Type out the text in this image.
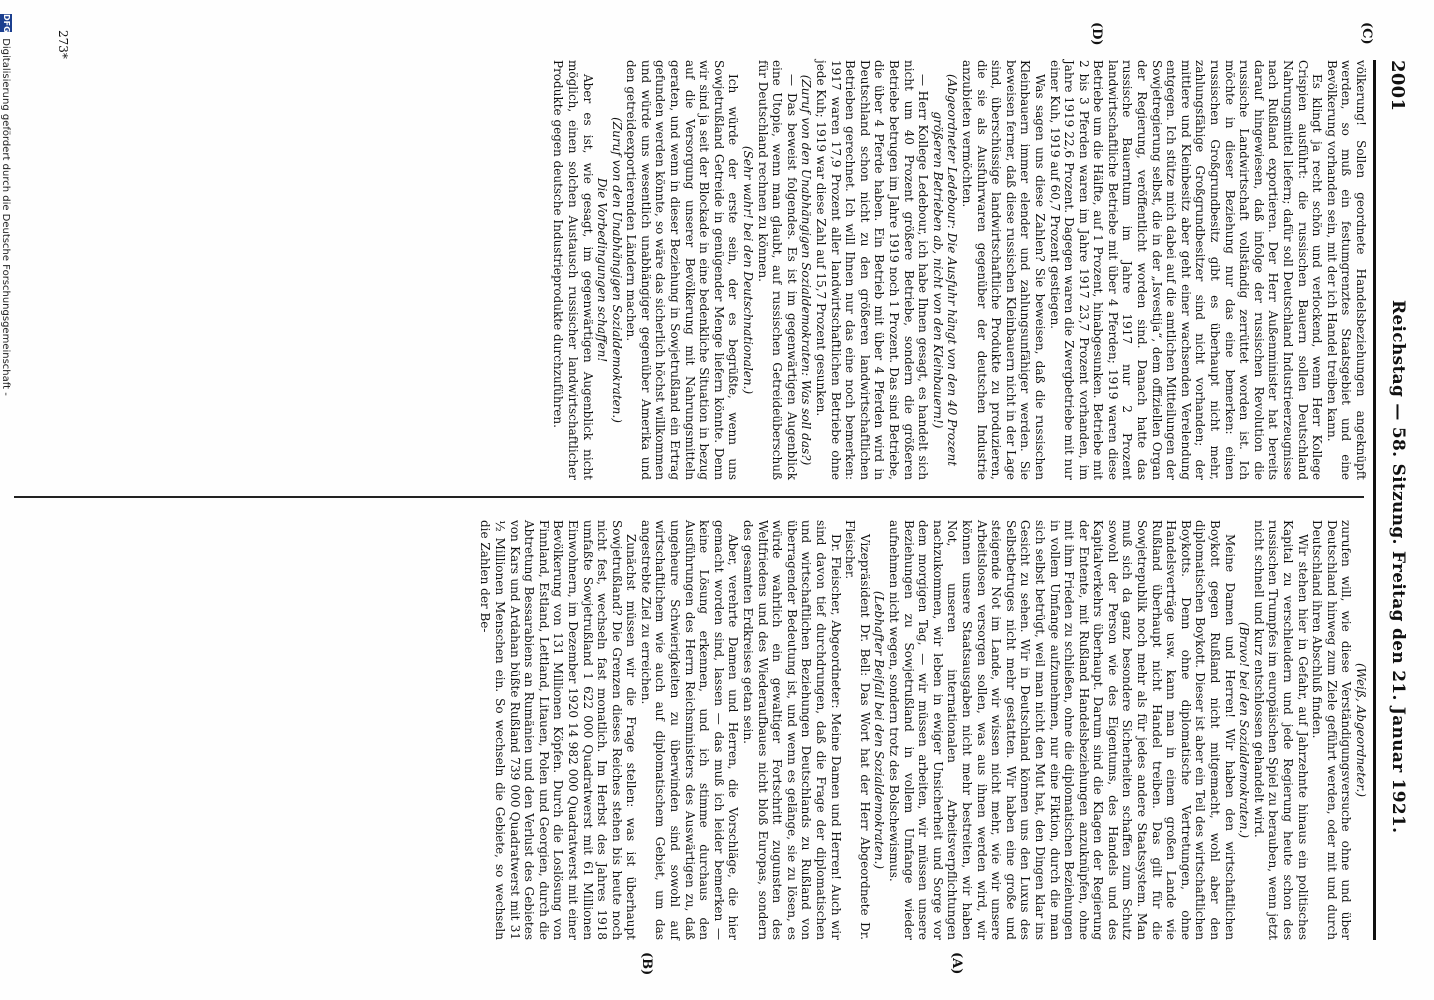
2001
Reichstag — 58. Sitzung. Freitag den 21. Januar 1921.
(C)
(D)
(A)
(B)

völkerung! Sollen geordnete Handelsbeziehungen angeknüpft werden, so muß ein festumgrenztes Staatsgebiet und eine Bevölkerung vorhanden sein, mit der ich Handel treiben kann.

Es klingt ja recht schön und verlockend, wenn Herr Kollege Crispien ausführt: die russischen Bauern sollen Deutschland Nahrungsmittel liefern; dafür soll Deutschland Industrieerzeugnisse nach Rußland exportieren. Der Herr Außenminister hat bereits darauf hingewiesen, daß infolge der russischen Revolution die russische Landwirtschaft vollständig zerrüttet worden ist. Ich möchte in dieser Beziehung nur das eine bemerken: einen russischen Großgrundbesitz gibt es überhaupt nicht mehr, zahlungsfähige Großgrundbesitzer sind nicht vorhanden; der mittlere und Kleinbesitz aber geht einer wachsenden Verelendung entgegen. Ich stütze mich dabei auf die amtlichen Mitteilungen der Sowjetregierung selbst, die in der „Isvestija“, dem offiziellen Organ der Regierung, veröffentlicht worden sind. Danach hatte das russische Bauerntum im Jahre 1917 nur 2 Prozent landwirtschaftliche Betriebe mit über 4 Pferden; 1919 waren diese Betriebe um die Hälfte, auf 1 Prozent, hinabgesunken. Betriebe mit 2 bis 3 Pferden waren im Jahre 1917 23,7 Prozent vorhanden, im Jahre 1919 22,6 Prozent. Dagegen waren die Zwergbetriebe mit nur einer Kuh, 1919 auf 60,7 Prozent gestiegen.

Was sagen uns diese Zahlen? Sie beweisen, daß die russischen Kleinbauern immer elender und zahlungsunfähiger werden. Sie beweisen ferner, daß diese russischen Kleinbauern nicht in der Lage sind, überschüssige landwirtschaftliche Produkte zu produzieren, die sie als Ausfuhrwaren gegenüber der deutschen Industrie anzubieten vermöchten.

(Abgeordneter Ledebour: Die Ausfuhr hängt von den 40 Prozent größeren Betrieben ab, nicht von den Kleinbauern!)

— Herr Kollege Ledebour, ich habe Ihnen gesagt, es handelt sich nicht um 40 Prozent größere Betriebe, sondern die größeren Betriebe betrugen im Jahre 1919 noch 1 Prozent. Das sind Betriebe, die über 4 Pferde haben. Ein Betrieb mit über 4 Pferden wird in Deutschland schon nicht zu den größeren landwirtschaftlichen Betrieben gerechnet. Ich will Ihnen nur das eine noch bemerken: 1917 waren 17,9 Prozent aller landwirtschaftlichen Betriebe ohne jede Kuh; 1919 war diese Zahl auf 15,7 Prozent gesunken.

(Zuruf von den Unabhängigen Sozialdemokraten: Was soll das?)

— Das beweist folgendes. Es ist im gegenwärtigen Augenblick eine Utopie, wenn man glaubt, auf russischen Getreideüberschuß für Deutschland rechnen zu können.

(Sehr wahr! bei den Deutschnationalen.)

Ich würde der erste sein, der es begrüßte, wenn uns Sowjetrußland Getreide in genügender Menge liefern könnte. Denn wir sind ja seit der Blockade in eine bedenkliche Situation in bezug auf die Versorgung unserer Bevölkerung mit Nahrungsmitteln geraten, und wenn in dieser Beziehung in Sowjetrußland ein Ertrag gefunden werden könnte, so wäre das sicherlich höchst willkommen und würde uns wesentlich unabhängiger gegenüber Amerika und den getreideexportierenden Ländern machen.

(Zuruf von den Unabhängigen Sozialdemokraten.)

Die Vorbedingungen schaffen!

Aber es ist, wie gesagt, im gegenwärtigen Augenblick nicht möglich, einen solchen Austausch russischer landwirtschaftlicher Produkte gegen deutsche Industrieprodukte durchzuführen.

(Weiß, Abgeordneter.)

zurufen will, wie diese Verständigungsversuche ohne und über Deutschland hinweg zum Ziele geführt werden, oder mit und durch Deutschland ihren Abschluß finden.

Wir stehen hier in Gefahr, auf Jahrzehnte hinaus ein politisches Kapital zu verschleudern und jede Regierung heute schon des russischen Trumpfes im europäischen Spiel zu berauben, wenn jetzt nicht schnell und kurz entschlossen gehandelt wird.

(Bravo! bei den Sozialdemokraten.)

Meine Damen und Herren! Wir haben den wirtschaftlichen Boykott gegen Rußland nicht mitgemacht, wohl aber den diplomatischen Boykott. Dieser ist aber ein Teil des wirtschaftlichen Boykotts. Denn ohne diplomatische Vertretungen, ohne Handelsverträge usw. kann man in einem großen Lande wie Rußland überhaupt nicht Handel treiben. Das gilt für die Sowjetrepublik noch mehr als für jedes andere Staatssystem. Man muß sich da ganz besondere Sicherheiten schaffen zum Schutz sowohl der Person wie des Eigentums, des Handels und des Kapitalverkehrs überhaupt. Darum sind die Klagen der Regierung der Entente, mit Rußland Handelsbeziehungen anzuknüpfen, ohne mit ihm Frieden zu schließen, ohne die diplomatischen Beziehungen in vollem Umfange aufzunehmen, nur eine Fiktion, durch die man sich selbst betrügt, weil man nicht den Mut hat, den Dingen klar ins Gesicht zu sehen. Wir in Deutschland können uns den Luxus des Selbstbetruges nicht mehr gestatten. Wir haben eine große und steigende Not im Lande, wir wissen nicht mehr, wie wir unsere Arbeitslosen versorgen sollen, was aus ihnen werden wird, wir können unsere Staatsausgaben nicht mehr bestreiten, wir haben Not, unseren internationalen Arbeitsverpflichtungen nachzukommen, wir leben in ewiger Unsicherheit und Sorge vor dem morgigen Tag, — wir müssen arbeiten, wir müssen unsere Beziehungen zu Sowjetrußland in vollem Umfange wieder aufnehmen nicht wegen, sondern trotz des Bolschewismus.

(Lebhafter Beifall bei den Sozialdemokraten.)

Vizepräsident Dr. Bell: Das Wort hat der Herr Abgeordnete Dr. Fleischer.

Dr. Fleischer, Abgeordneter: Meine Damen und Herren! Auch wir sind davon tief durchdrungen, daß die Frage der diplomatischen und wirtschaftlichen Beziehungen Deutschlands zu Rußland von überragender Bedeutung ist, und wenn es gelänge, sie zu lösen, es würde wahrlich ein gewaltiger Fortschritt zugunsten des Weltfriedens und des Wiederaufbaues nicht bloß Europas, sondern des gesamten Erdkreises getan sein.

Aber, verehrte Damen und Herren, die Vorschläge, die hier gemacht worden sind, lassen — das muß ich leider bemerken — keine Lösung erkennen, und ich stimme durchaus den Ausführungen des Herrn Reichsministers des Auswärtigen zu, daß ungeheure Schwierigkeiten zu überwinden sind sowohl auf wirtschaftlichem wie auch auf diplomatischem Gebiet, um das angestrebte Ziel zu erreichen.

Zunächst müssen wir die Frage stellen: was ist überhaupt Sowjetrußland? Die Grenzen dieses Reiches stehen bis heute noch nicht fest, wechseln fast monatlich. Im Herbst des Jahres 1918 umfaßte Sowjetrußland 1 622 000 Quadratwerst mit 61 Millionen Einwohnern, im Dezember 1920 14 982 000 Quadratwerst mit einer Bevölkerung von 131 Millionen Köpfen. Durch die Loslösung von Finnland, Estland, Lettland, Litauen, Polen und Georgien, durch die Abtretung Bessarabiens an Rumänien und den Verlust des Gebietes von Kars und Ardahan büßte Rußland 739 000 Quadratwerst mit 31 ½ Millionen Menschen ein. So wechseln die Gebiete, so wechseln die Zahlen der Be-

273*
DFG Digitalisierung gefördert durch die Deutsche Forschungsgemeinschaft -
